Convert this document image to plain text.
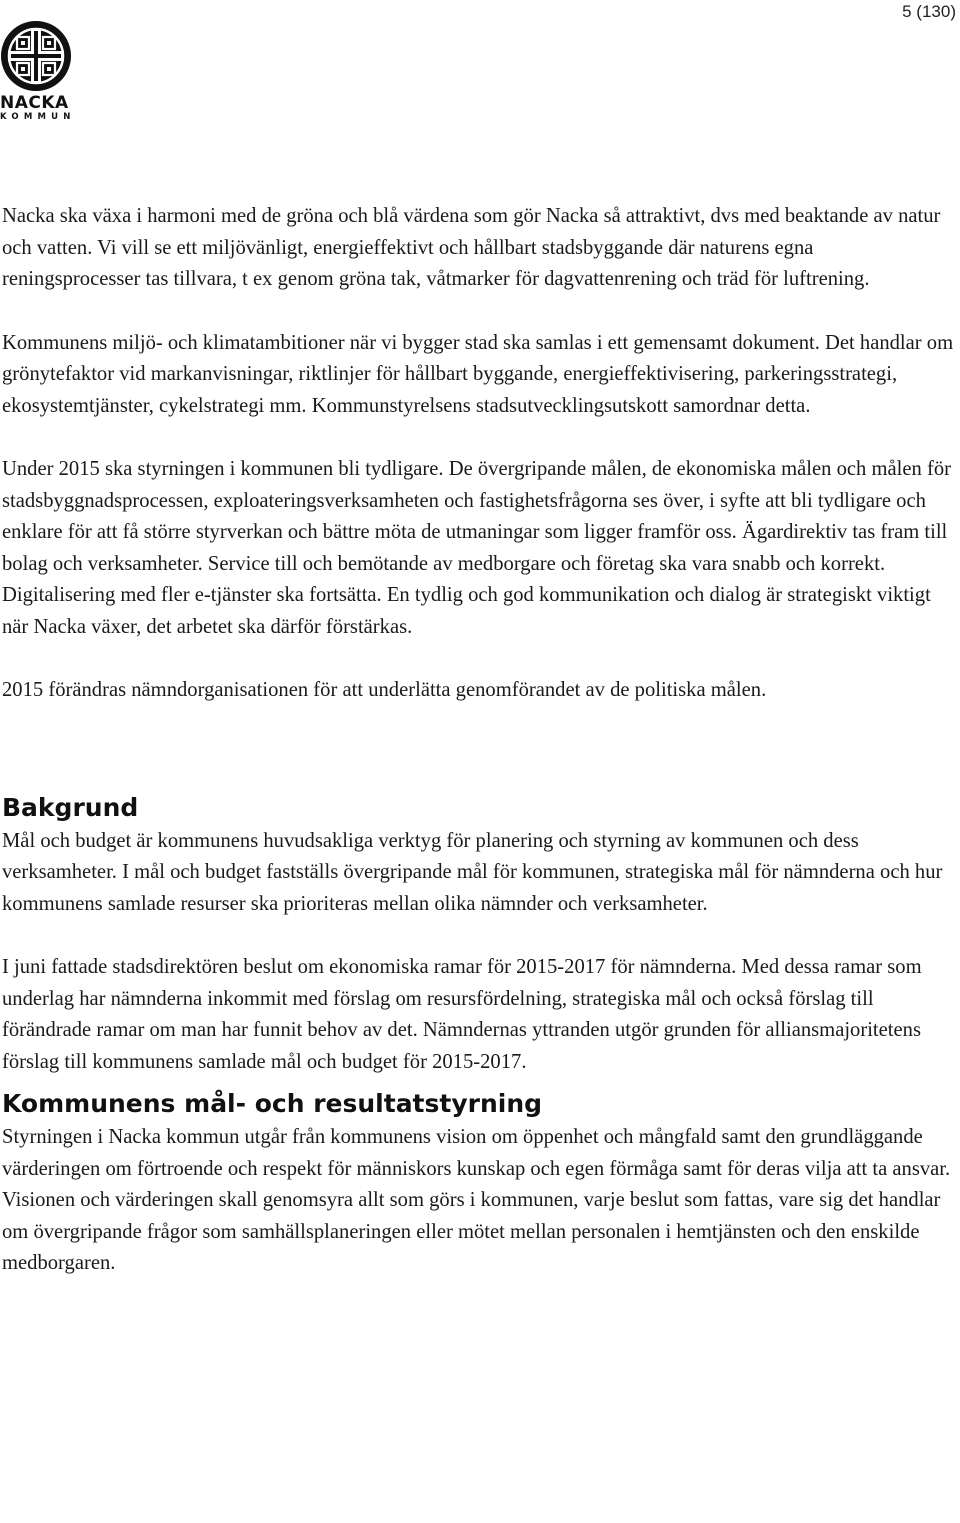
5 (130)
NACKA
KOMMUN

Nacka ska växa i harmoni med de gröna och blå värdena som gör Nacka så attraktivt, dvs med beaktande av natur och vatten. Vi vill se ett miljövänligt, energieffektivt och hållbart stadsbyggande där naturens egna reningsprocesser tas tillvara, t ex genom gröna tak, våtmarker för dagvattenrening och träd för luftrening.

Kommunens miljö- och klimatambitioner när vi bygger stad ska samlas i ett gemensamt dokument. Det handlar om grönytefaktor vid markanvisningar, riktlinjer för hållbart byggande, energieffektivisering, parkeringsstrategi, ekosystemtjänster, cykelstrategi mm. Kommunstyrelsens stadsutvecklingsutskott samordnar detta.

Under 2015 ska styrningen i kommunen bli tydligare. De övergripande målen, de ekonomiska målen och målen för stadsbyggnadsprocessen, exploateringsverksamheten och fastighetsfrågorna ses över, i syfte att bli tydligare och enklare för att få större styrverkan och bättre möta de utmaningar som ligger framför oss. Ägardirektiv tas fram till bolag och verksamheter. Service till och bemötande av medborgare och företag ska vara snabb och korrekt. Digitalisering med fler e-tjänster ska fortsätta. En tydlig och god kommunikation och dialog är strategiskt viktigt när Nacka växer, det arbetet ska därför förstärkas.

2015 förändras nämndorganisationen för att underlätta genomförandet av de politiska målen.

Bakgrund

Mål och budget är kommunens huvudsakliga verktyg för planering och styrning av kommunen och dess verksamheter. I mål och budget fastställs övergripande mål för kommunen, strategiska mål för nämnderna och hur kommunens samlade resurser ska prioriteras mellan olika nämnder och verksamheter.

I juni fattade stadsdirektören beslut om ekonomiska ramar för 2015-2017 för nämnderna. Med dessa ramar som underlag har nämnderna inkommit med förslag om resursfördelning, strategiska mål och också förslag till förändrade ramar om man har funnit behov av det. Nämndernas yttranden utgör grunden för alliansmajoritetens förslag till kommunens samlade mål och budget för 2015-2017.

Kommunens mål- och resultatstyrning

Styrningen i Nacka kommun utgår från kommunens vision om öppenhet och mångfald samt den grundläggande värderingen om förtroende och respekt för människors kunskap och egen förmåga samt för deras vilja att ta ansvar. Visionen och värderingen skall genomsyra allt som görs i kommunen, varje beslut som fattas, vare sig det handlar om övergripande frågor som samhällsplaneringen eller mötet mellan personalen i hemtjänsten och den enskilde medborgaren.
